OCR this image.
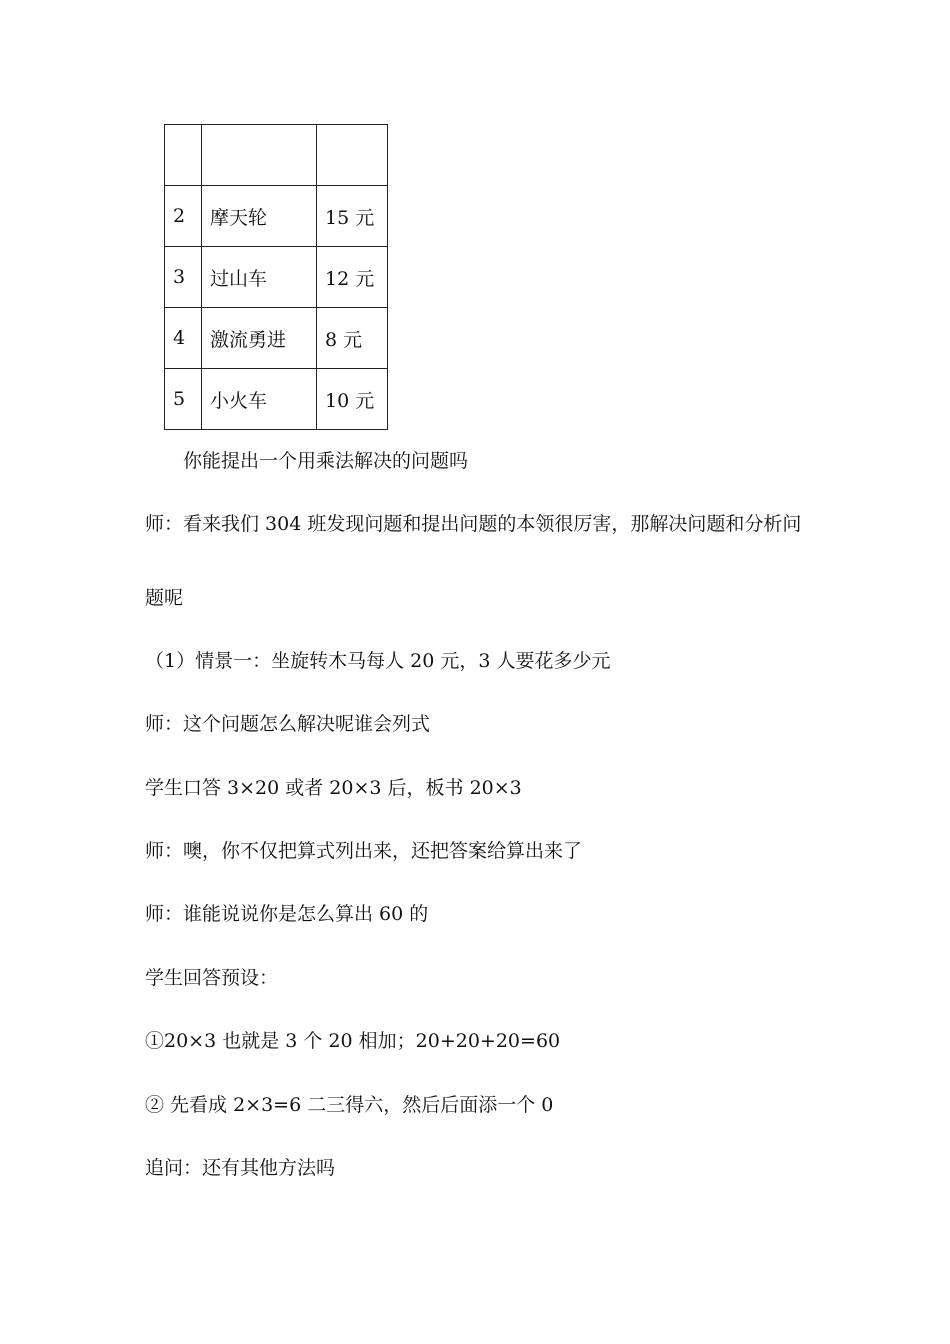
2	摩天轮	15 元
3	过山车	12 元
4	激流勇进	8 元
5	小火车	10 元
你能提出一个用乘法解决的问题吗
师：看来我们 304 班发现问题和提出问题的本领很厉害，那解决问题和分析问
题呢
（1）情景一：坐旋转木马每人 20 元，3 人要花多少元
师：这个问题怎么解决呢谁会列式
学生口答 3×20 或者 20×3 后，板书 20×3
师：噢，你不仅把算式列出来，还把答案给算出来了
师：谁能说说你是怎么算出 60 的
学生回答预设：
①20×3 也就是 3 个 20 相加；20+20+20=60
② 先看成 2×3=6 二三得六，然后后面添一个 0
追问：还有其他方法吗
